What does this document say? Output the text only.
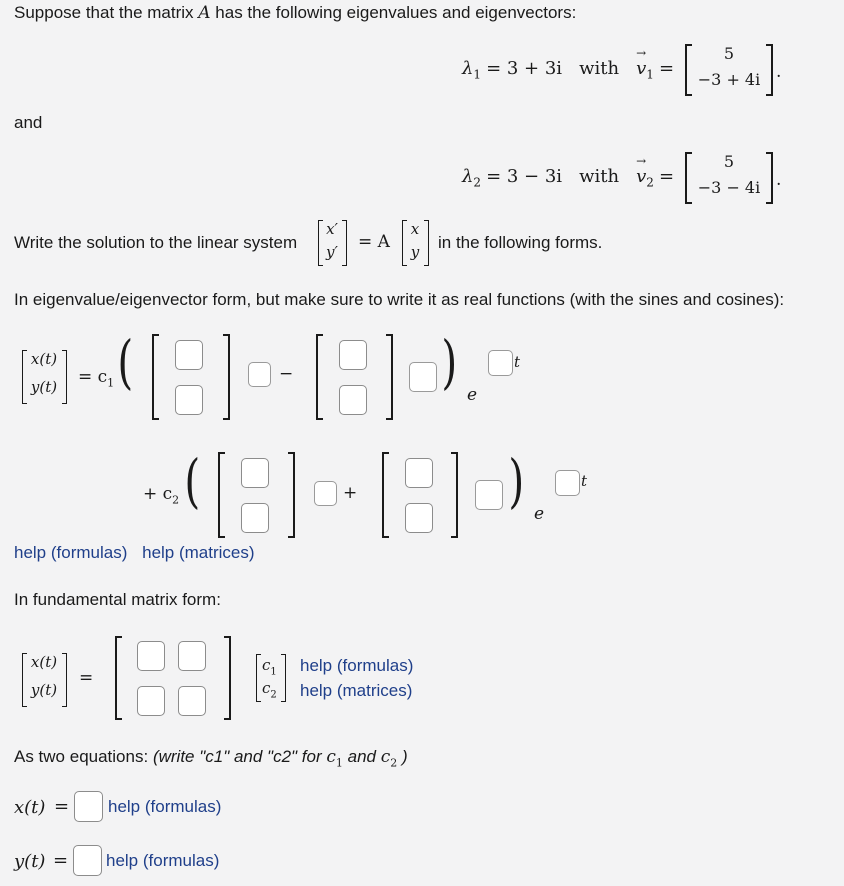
Suppose that the matrix A has the following eigenvalues and eigenvectors:
$\lambda_1 = 3 + 3i$ with → $v_1$ =
5
−3 + 4i .
and
$\lambda_2 = 3 - 3i$ with → $v_2$ =
5
−3 − 4i .
Write the solution to the linear system
x′
y′ = A
x
y in the following forms.
In eigenvalue/eigenvector form, but make sure to write it as real functions (with the sines and cosines):
x(t)
$y(t) = c_1$ (	−	) e
t
+ $c_2$ (	+	) e
t
help (formulas) help (matrices)
In fundamental matrix form:
x(t)
y(t)
=
$c_1$
$c_2$
help (formulas)
help (matrices)
As two equations: (write "c1" and "c2" for $c_1$ and $c_2$ )
x(t) = help (formulas)
y(t) = help (formulas)
